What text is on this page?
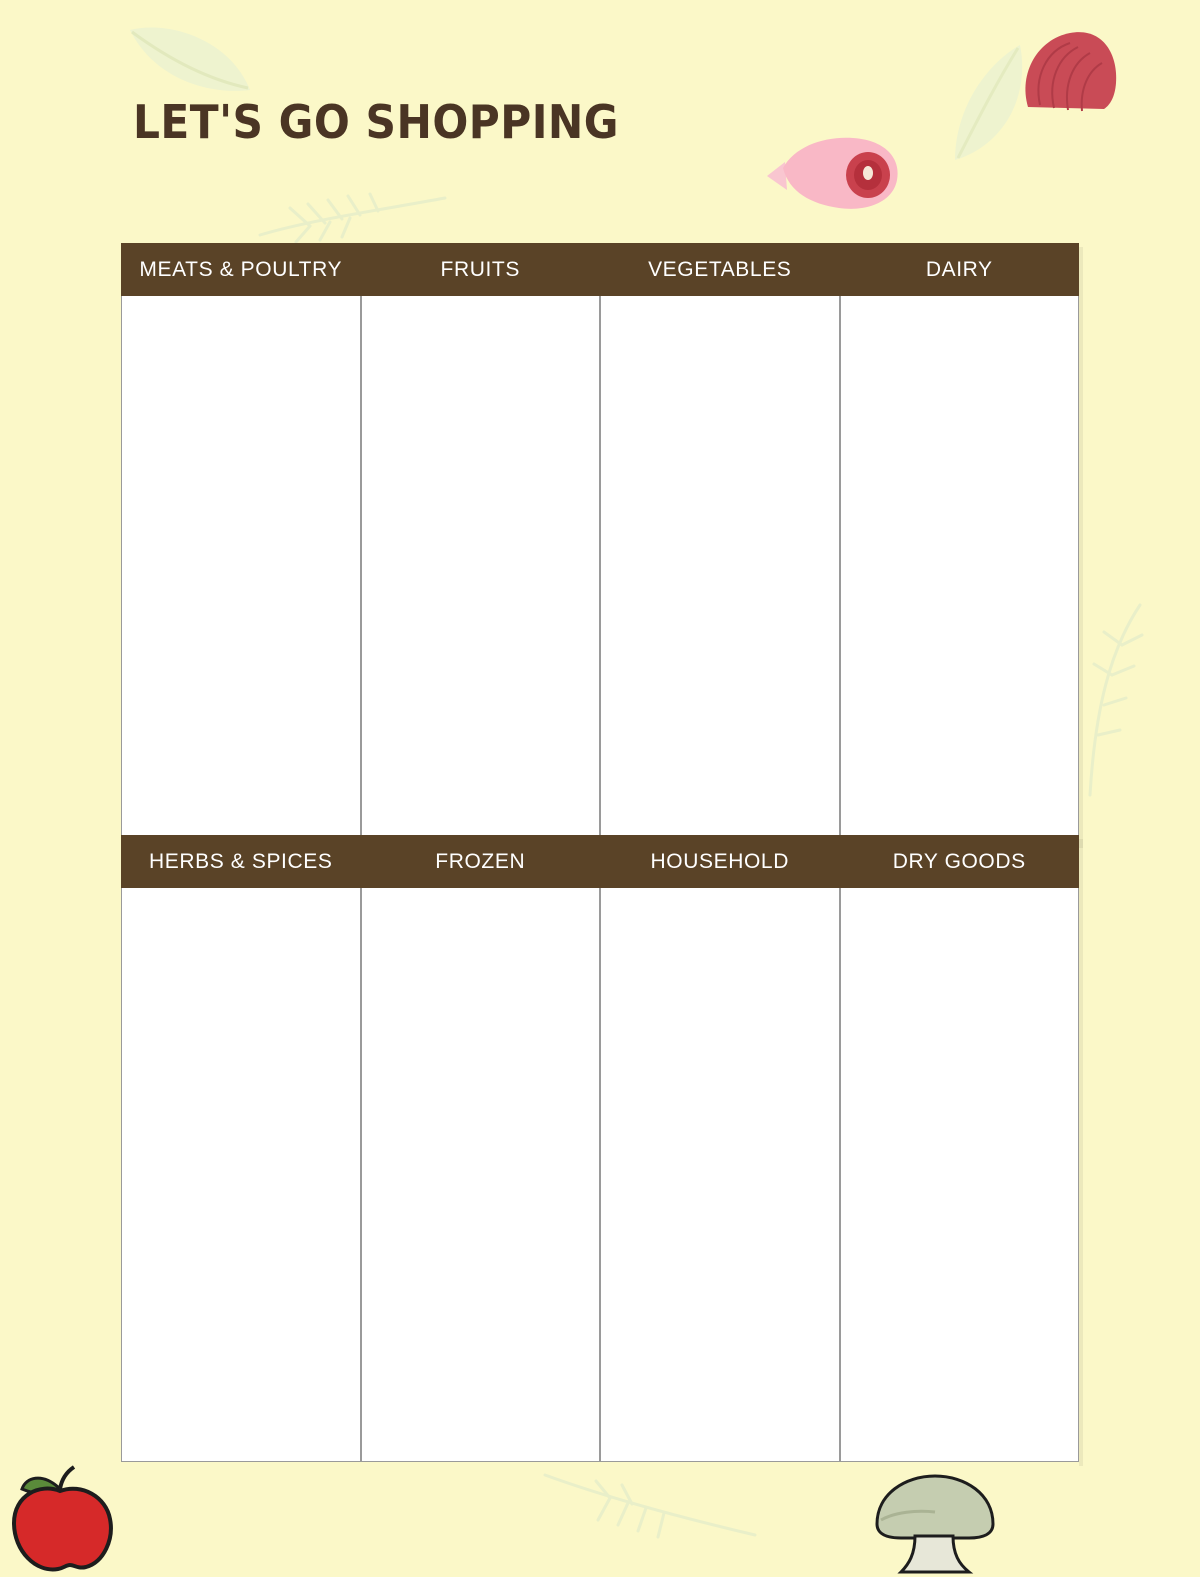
LET'S GO SHOPPING
MEATS & POULTRY	FRUITS	VEGETABLES	DAIRY
HERBS & SPICES	FROZEN	HOUSEHOLD	DRY GOODS
